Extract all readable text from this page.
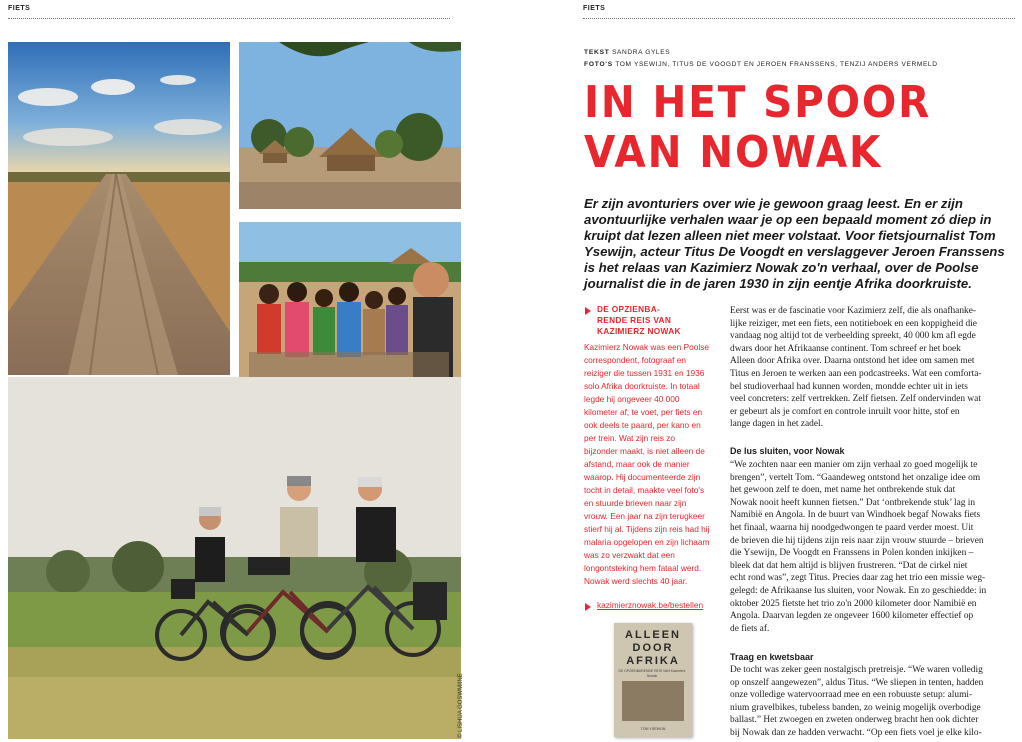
FIETS
© LISHUA GOSWMIINE
FIETS
TEKST SANDRA GYLES
FOTO'S TOM YSEWIJN, TITUS DE VOOGDT EN JEROEN FRANSSENS, TENZIJ ANDERS VERMELD
IN HET SPOOR
VAN NOWAK
Er zijn avonturiers over wie je gewoon graag leest. En er zijn
avontuurlijke verhalen waar je op een bepaald moment zó diep in
kruipt dat lezen alleen niet meer volstaat. Voor fietsjournalist Tom
Ysewijn, acteur Titus De Voogdt en verslaggever Jeroen Franssens
is het relaas van Kazimierz Nowak zo'n verhaal, over de Poolse
journalist die in de jaren 1930 in zijn eentje Afrika doorkruiste.
DE OPZIENBA-
RENDE REIS VAN
KAZIMIERZ NOWAK
Kazimierz Nowak was een Poolse
correspondent, fotograaf en
reiziger die tussen 1931 en 1936
solo Afrika doorkruiste. In totaal
legde hij ongeveer 40 000
kilometer af, te voet, per fiets en
ook deels te paard, per kano en
per trein. Wat zijn reis zo
bijzonder maakt, is niet alleen de
afstand, maar ook de manier
waarop. Hij documenteerde zijn
tocht in detail, maakte veel foto's
en stuurde brieven naar zijn
vrouw. Een jaar na zijn terugkeer
stierf hij al. Tijdens zijn reis had hij
malaria opgelopen en zijn lichaam
was zo verzwakt dat een
longontsteking hem fataal werd.
Nowak werd slechts 40 jaar.
kazimierznowak.be/bestellen
ALLEEN
DOOR
AFRIKA
DE OPZIENBARENDE REIS VAN Kazimierz Nowak
TOM YSEWIJN
Eerst was er de fascinatie voor Kazimierz zelf, die als onafhanke-
lijke reiziger, met een fiets, een notitieboek en een koppigheid die
vandaag nog altijd tot de verbeelding spreekt, 40 000 km afl egde
dwars door het Afrikaanse continent. Tom schreef er het boek
Alleen door Afrika over. Daarna ontstond het idee om samen met
Titus en Jeroen te werken aan een podcastreeks. Wat een comforta-
bel studioverhaal had kunnen worden, mondde echter uit in iets
veel concreters: zelf vertrekken. Zelf fietsen. Zelf ondervinden wat
er gebeurt als je comfort en controle inruilt voor hitte, stof en
lange dagen in het zadel.
De lus sluiten, voor Nowak
“We zochten naar een manier om zijn verhaal zo goed mogelijk te
brengen”, vertelt Tom. “Gaandeweg ontstond het onzalige idee om
het gewoon zelf te doen, met name het ontbrekende stuk dat
Nowak nooit heeft kunnen fietsen.” Dat ‘ontbrekende stuk’ lag in
Namibië en Angola. In de buurt van Windhoek begaf Nowaks fiets
het finaal, waarna hij noodgedwongen te paard verder moest. Uit
de brieven die hij tijdens zijn reis naar zijn vrouw stuurde – brieven
die Ysewijn, De Voogdt en Franssens in Polen konden inkijken –
bleek dat dat hem altijd is blijven frustreren. “Dat de cirkel niet
echt rond was”, zegt Titus. Precies daar zag het trio een missie weg-
gelegd: de Afrikaanse lus sluiten, voor Nowak. En zo geschiedde: in
oktober 2025 fietste het trio zo'n 2000 kilometer door Namibië en
Angola. Daarvan legden ze ongeveer 1600 kilometer effectief op
de fiets af.
Traag en kwetsbaar
De tocht was zeker geen nostalgisch pretreisje. “We waren volledig
op onszelf aangewezen”, aldus Titus. “We sliepen in tenten, hadden
onze volledige watervoorraad mee en een robuuste setup: alumi-
nium gravelbikes, tubeless banden, zo weinig mogelijk overbodige
ballast.” Het zwoegen en zweten onderweg bracht hen ook dichter
bij Nowak dan ze hadden verwacht. “Op een fiets voel je elke kilo-
